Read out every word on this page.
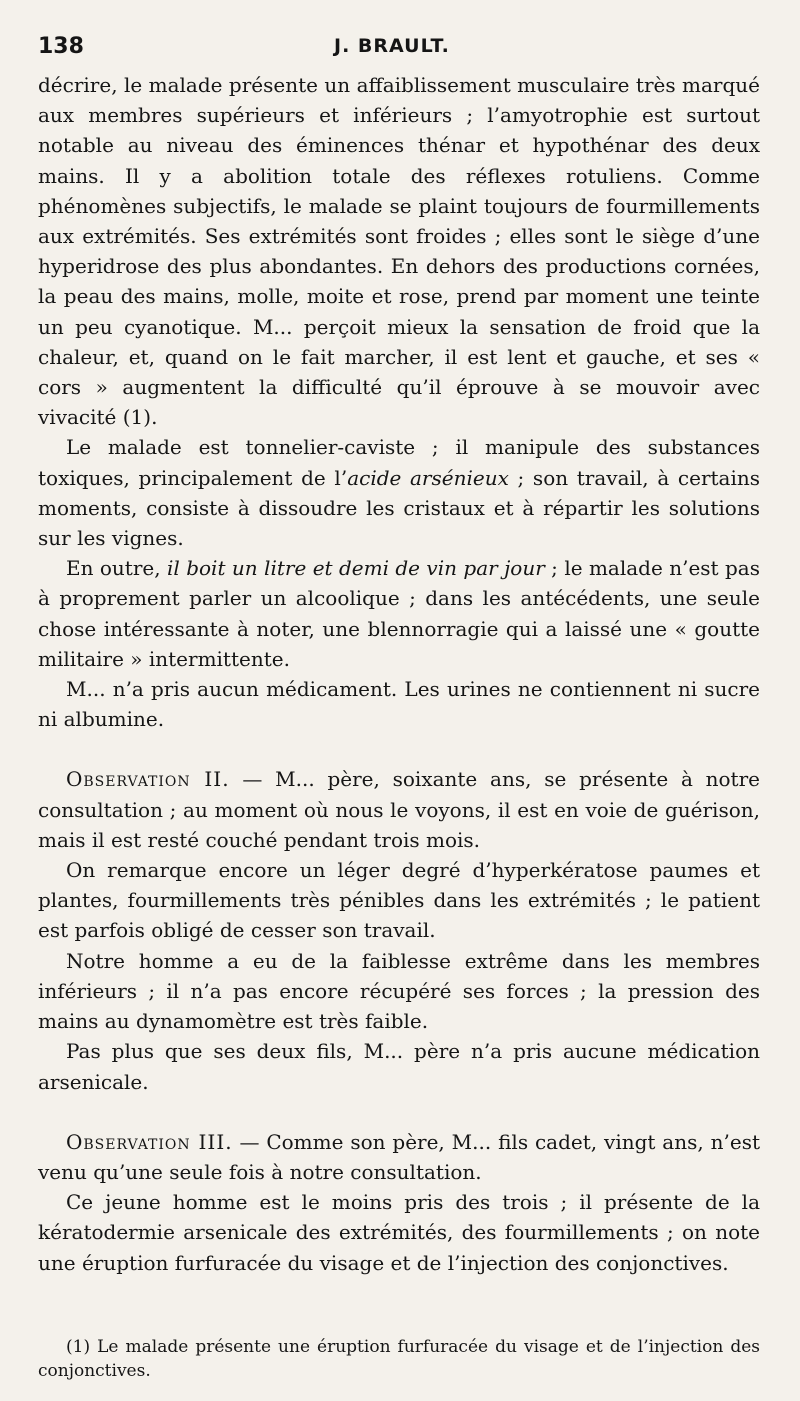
138	J. BRAULT.

décrire, le malade présente un affaiblissement musculaire très marqué aux membres supérieurs et inférieurs ; l’amyotrophie est surtout notable au niveau des éminences thénar et hypothénar des deux mains. Il y a abolition totale des réflexes rotuliens. Comme phénomènes subjectifs, le malade se plaint toujours de fourmillements aux extrémités. Ses extrémités sont froides ; elles sont le siège d’une hyperidrose des plus abondantes. En dehors des productions cornées, la peau des mains, molle, moite et rose, prend par moment une teinte un peu cyanotique. M... perçoit mieux la sensation de froid que la chaleur, et, quand on le fait marcher, il est lent et gauche, et ses « cors » augmentent la difficulté qu’il éprouve à se mouvoir avec vivacité (1).

Le malade est tonnelier-caviste ; il manipule des substances toxiques, principalement de l’acide arsénieux ; son travail, à certains moments, consiste à dissoudre les cristaux et à répartir les solutions sur les vignes.

En outre, il boit un litre et demi de vin par jour ; le malade n’est pas à proprement parler un alcoolique ; dans les antécédents, une seule chose intéressante à noter, une blennorragie qui a laissé une « goutte militaire » intermittente.

M... n’a pris aucun médicament. Les urines ne contiennent ni sucre ni albumine.

Observation II. — M... père, soixante ans, se présente à notre consultation ; au moment où nous le voyons, il est en voie de guérison, mais il est resté couché pendant trois mois.

On remarque encore un léger degré d’hyperkératose paumes et plantes, fourmillements très pénibles dans les extrémités ; le patient est parfois obligé de cesser son travail.

Notre homme a eu de la faiblesse extrême dans les membres inférieurs ; il n’a pas encore récupéré ses forces ; la pression des mains au dynamomètre est très faible.

Pas plus que ses deux fils, M... père n’a pris aucune médication arsenicale.

Observation III. — Comme son père, M... fils cadet, vingt ans, n’est venu qu’une seule fois à notre consultation.

Ce jeune homme est le moins pris des trois ; il présente de la kératodermie arsenicale des extrémités, des fourmillements ; on note une éruption furfuracée du visage et de l’injection des conjonctives.

(1) Le malade présente une éruption furfuracée du visage et de l’injection des conjonctives.
